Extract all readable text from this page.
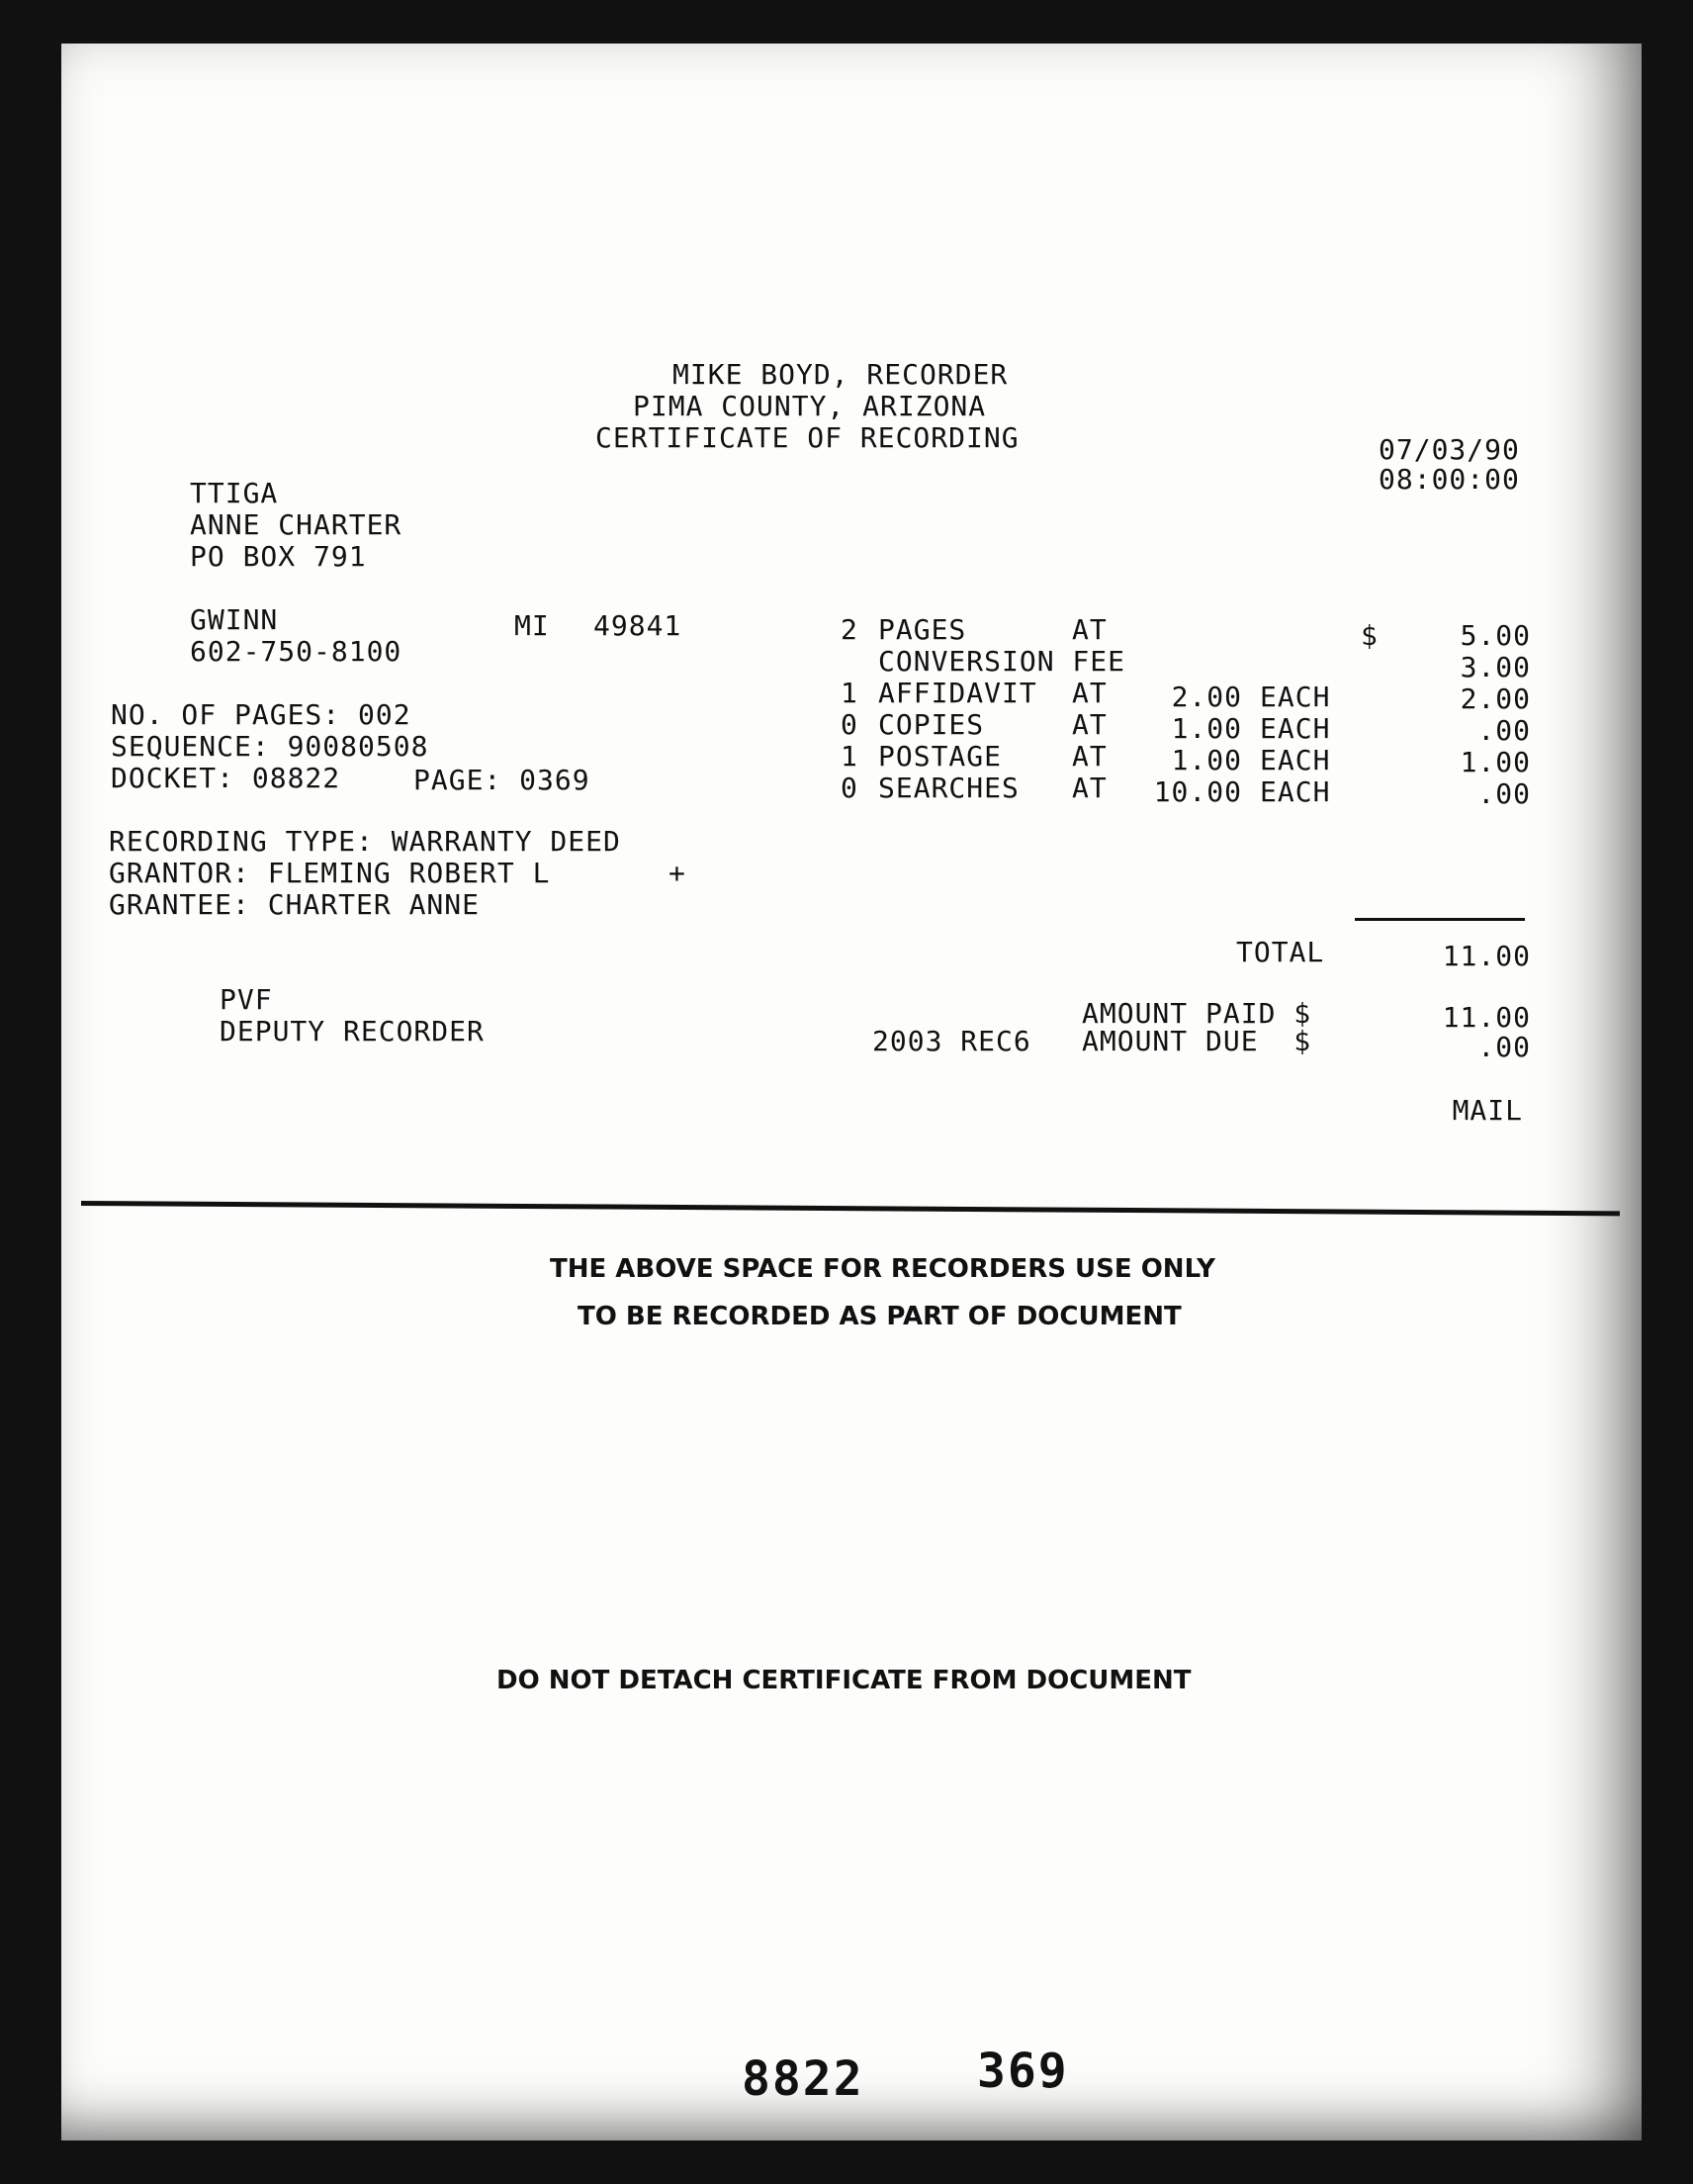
MIKE BOYD, RECORDER
PIMA COUNTY, ARIZONA
CERTIFICATE OF RECORDING	07/03/90
08:00:00
TTIGA
ANNE CHARTER
PO BOX 791
GWINN	MI 49841
602-750-8100
NO. OF PAGES: 002
SEQUENCE: 90080508
DOCKET: 08822	PAGE: 0369
RECORDING TYPE: WARRANTY DEED
GRANTOR: FLEMING ROBERT L	+
GRANTEE: CHARTER ANNE
2 PAGES	AT	$	5.00
CONVERSION FEE	3.00
1 AFFIDAVIT AT	2.00 EACH	2.00
0 COPIES	AT	1.00 EACH	.00
1 POSTAGE	AT	1.00 EACH	1.00
0 SEARCHES AT	10.00 EACH	.00
TOTAL	11.00
AMOUNT PAID $	11.00
2003 REC6 AMOUNT DUE  $	.00
MAIL
PVF
DEPUTY RECORDER
THE ABOVE SPACE FOR RECORDERS USE ONLY
TO BE RECORDED AS PART OF DOCUMENT
DO NOT DETACH CERTIFICATE FROM DOCUMENT
8822 369
